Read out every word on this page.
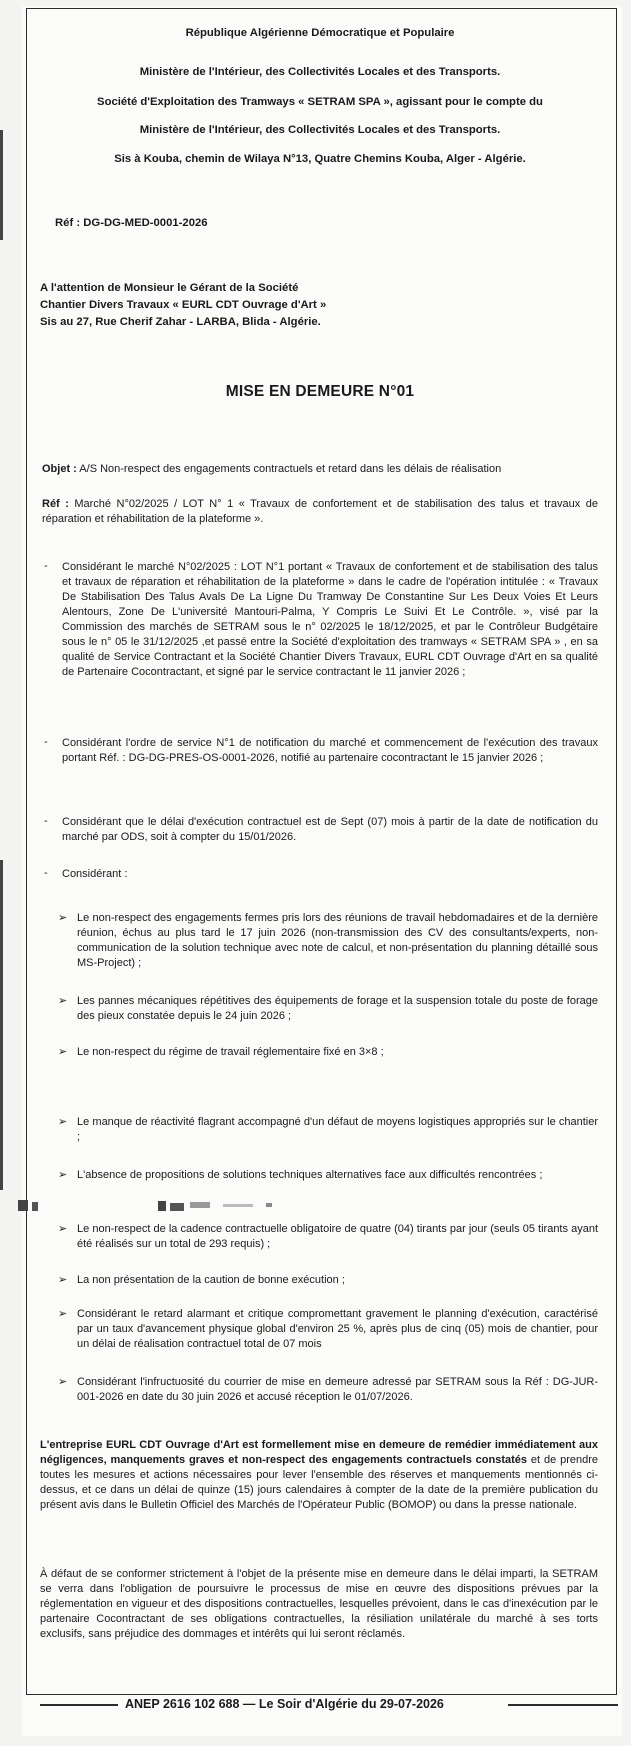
République Algérienne Démocratique et Populaire
Ministère de l'Intérieur, des Collectivités Locales et des Transports.
Société d'Exploitation des Tramways « SETRAM SPA », agissant pour le compte du
Ministère de l'Intérieur, des Collectivités Locales et des Transports.
Sis à Kouba, chemin de Wilaya N°13, Quatre Chemins Kouba, Alger - Algérie.
Réf : DG-DG-MED-0001-2026
A l'attention de Monsieur le Gérant de la Société
Chantier Divers Travaux « EURL CDT Ouvrage d'Art »
Sis au 27, Rue Cherif Zahar - LARBA, Blida - Algérie.
MISE EN DEMEURE N°01
Objet : A/S Non-respect des engagements contractuels et retard dans les délais de réalisation
Réf : Marché N°02/2025 / LOT N° 1 « Travaux de confortement et de stabilisation des talus et travaux de réparation et réhabilitation de la plateforme ».
- Considérant le marché N°02/2025 : LOT N°1 portant « Travaux de confortement et de stabilisation des talus et travaux de réparation et réhabilitation de la plateforme » dans le cadre de l'opération intitulée : « Travaux De Stabilisation Des Talus Avals De La Ligne Du Tramway De Constantine Sur Les Deux Voies Et Leurs Alentours, Zone De L'université Mantouri-Palma, Y Compris Le Suivi Et Le Contrôle. », visé par la Commission des marchés de SETRAM sous le n° 02/2025 le 18/12/2025, et par le Contrôleur Budgétaire sous le n° 05 le 31/12/2025 ,et passé entre la Société d'exploitation des tramways « SETRAM SPA » , en sa qualité de Service Contractant et la Société Chantier Divers Travaux, EURL CDT Ouvrage d'Art en sa qualité de Partenaire Cocontractant, et signé par le service contractant le 11 janvier 2026 ;
- Considérant l'ordre de service N°1 de notification du marché et commencement de l'exécution des travaux portant Réf. : DG-DG-PRES-OS-0001-2026, notifié au partenaire cocontractant le 15 janvier 2026 ;
- Considérant que le délai d'exécution contractuel est de Sept (07) mois à partir de la date de notification du marché par ODS, soit à compter du 15/01/2026.
- Considérant :
➢ Le non-respect des engagements fermes pris lors des réunions de travail hebdomadaires et de la dernière réunion, échus au plus tard le 17 juin 2026 (non-transmission des CV des consultants/experts, non-communication de la solution technique avec note de calcul, et non-présentation du planning détaillé sous MS-Project) ;
➢ Les pannes mécaniques répétitives des équipements de forage et la suspension totale du poste de forage des pieux constatée depuis le 24 juin 2026 ;
➢ Le non-respect du régime de travail réglementaire fixé en 3×8 ;
➢ Le manque de réactivité flagrant accompagné d'un défaut de moyens logistiques appropriés sur le chantier ;
➢ L'absence de propositions de solutions techniques alternatives face aux difficultés rencontrées ;
➢ Le non-respect de la cadence contractuelle obligatoire de quatre (04) tirants par jour (seuls 05 tirants ayant été réalisés sur un total de 293 requis) ;
➢ La non présentation de la caution de bonne exécution ;
➢ Considérant le retard alarmant et critique compromettant gravement le planning d'exécution, caractérisé par un taux d'avancement physique global d'environ 25 %, après plus de cinq (05) mois de chantier, pour un délai de réalisation contractuel total de 07 mois
➢ Considérant l'infructuosité du courrier de mise en demeure adressé par SETRAM sous la Réf : DG-JUR-001-2026 en date du 30 juin 2026 et accusé réception le 01/07/2026.
L'entreprise EURL CDT Ouvrage d'Art est formellement mise en demeure de remédier immédiatement aux négligences, manquements graves et non-respect des engagements contractuels constatés et de prendre toutes les mesures et actions nécessaires pour lever l'ensemble des réserves et manquements mentionnés ci-dessus, et ce dans un délai de quinze (15) jours calendaires à compter de la date de la première publication du présent avis dans le Bulletin Officiel des Marchés de l'Opérateur Public (BOMOP) ou dans la presse nationale.
À défaut de se conformer strictement à l'objet de la présente mise en demeure dans le délai imparti, la SETRAM se verra dans l'obligation de poursuivre le processus de mise en œuvre des dispositions prévues par la réglementation en vigueur et des dispositions contractuelles, lesquelles prévoient, dans le cas d'inexécution par le partenaire Cocontractant de ses obligations contractuelles, la résiliation unilatérale du marché à ses torts exclusifs, sans préjudice des dommages et intérêts qui lui seront réclamés.
ANEP 2616 102 688 — Le Soir d'Algérie du 29-07-2026
